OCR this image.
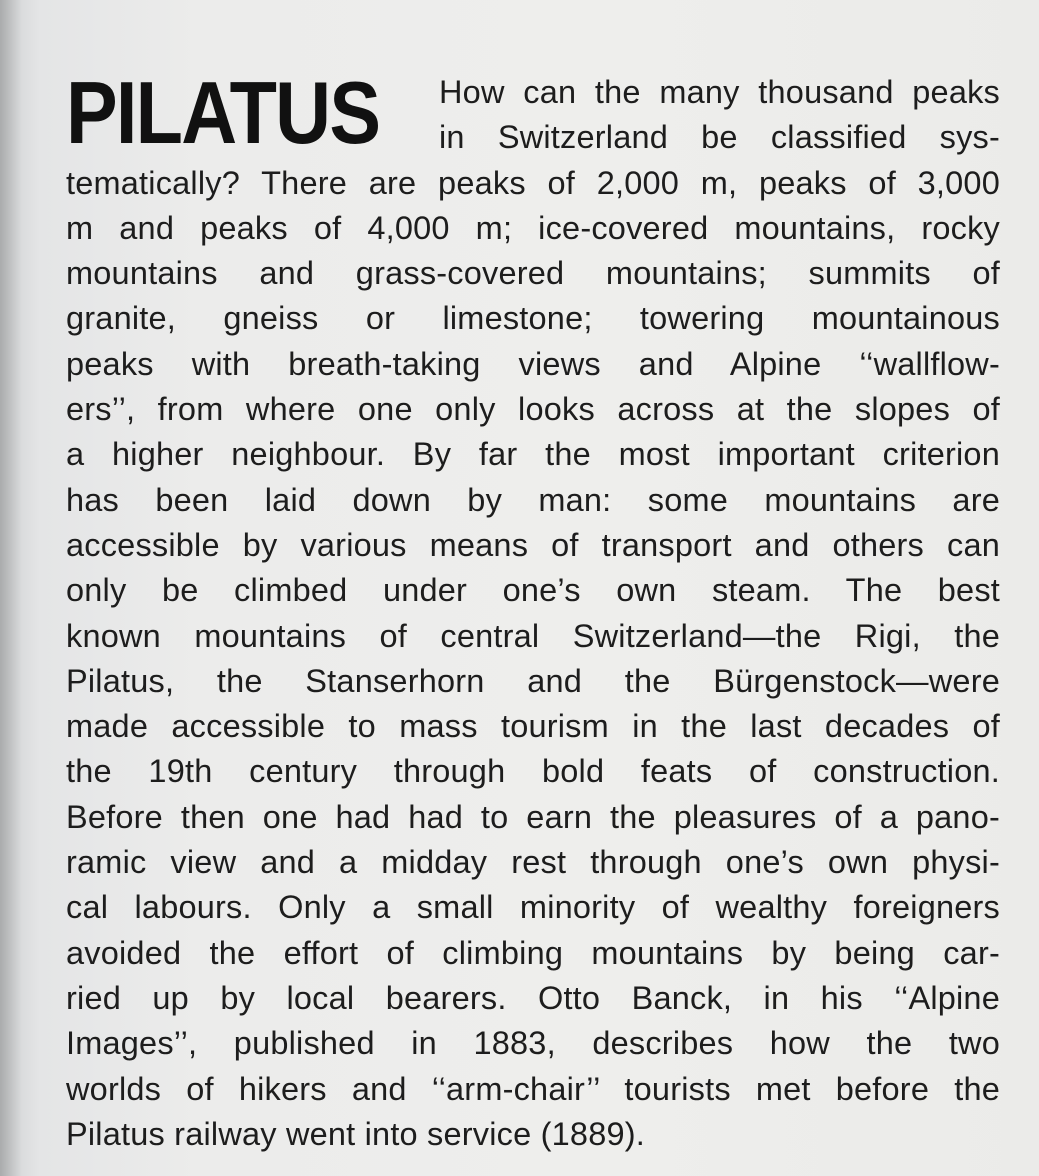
PILATUS	How can the many thousand peaks
in Switzerland be classified sys-
tematically? There are peaks of 2,000 m, peaks of 3,000
m and peaks of 4,000 m; ice-covered mountains, rocky
mountains and grass-covered mountains; summits of
granite, gneiss or limestone; towering mountainous
peaks with breath-taking views and Alpine ‘‘wallflow-
ers’’, from where one only looks across at the slopes of
a higher neighbour. By far the most important criterion
has been laid down by man: some mountains are
accessible by various means of transport and others can
only be climbed under one’s own steam. The best
known mountains of central Switzerland—the Rigi, the
Pilatus, the Stanserhorn and the Bürgenstock—were
made accessible to mass tourism in the last decades of
the 19th century through bold feats of construction.
Before then one had had to earn the pleasures of a pano-
ramic view and a midday rest through one’s own physi-
cal labours. Only a small minority of wealthy foreigners
avoided the effort of climbing mountains by being car-
ried up by local bearers. Otto Banck, in his ‘‘Alpine
Images’’, published in 1883, describes how the two
worlds of hikers and ‘‘arm-chair’’ tourists met before the
Pilatus railway went into service (1889).
